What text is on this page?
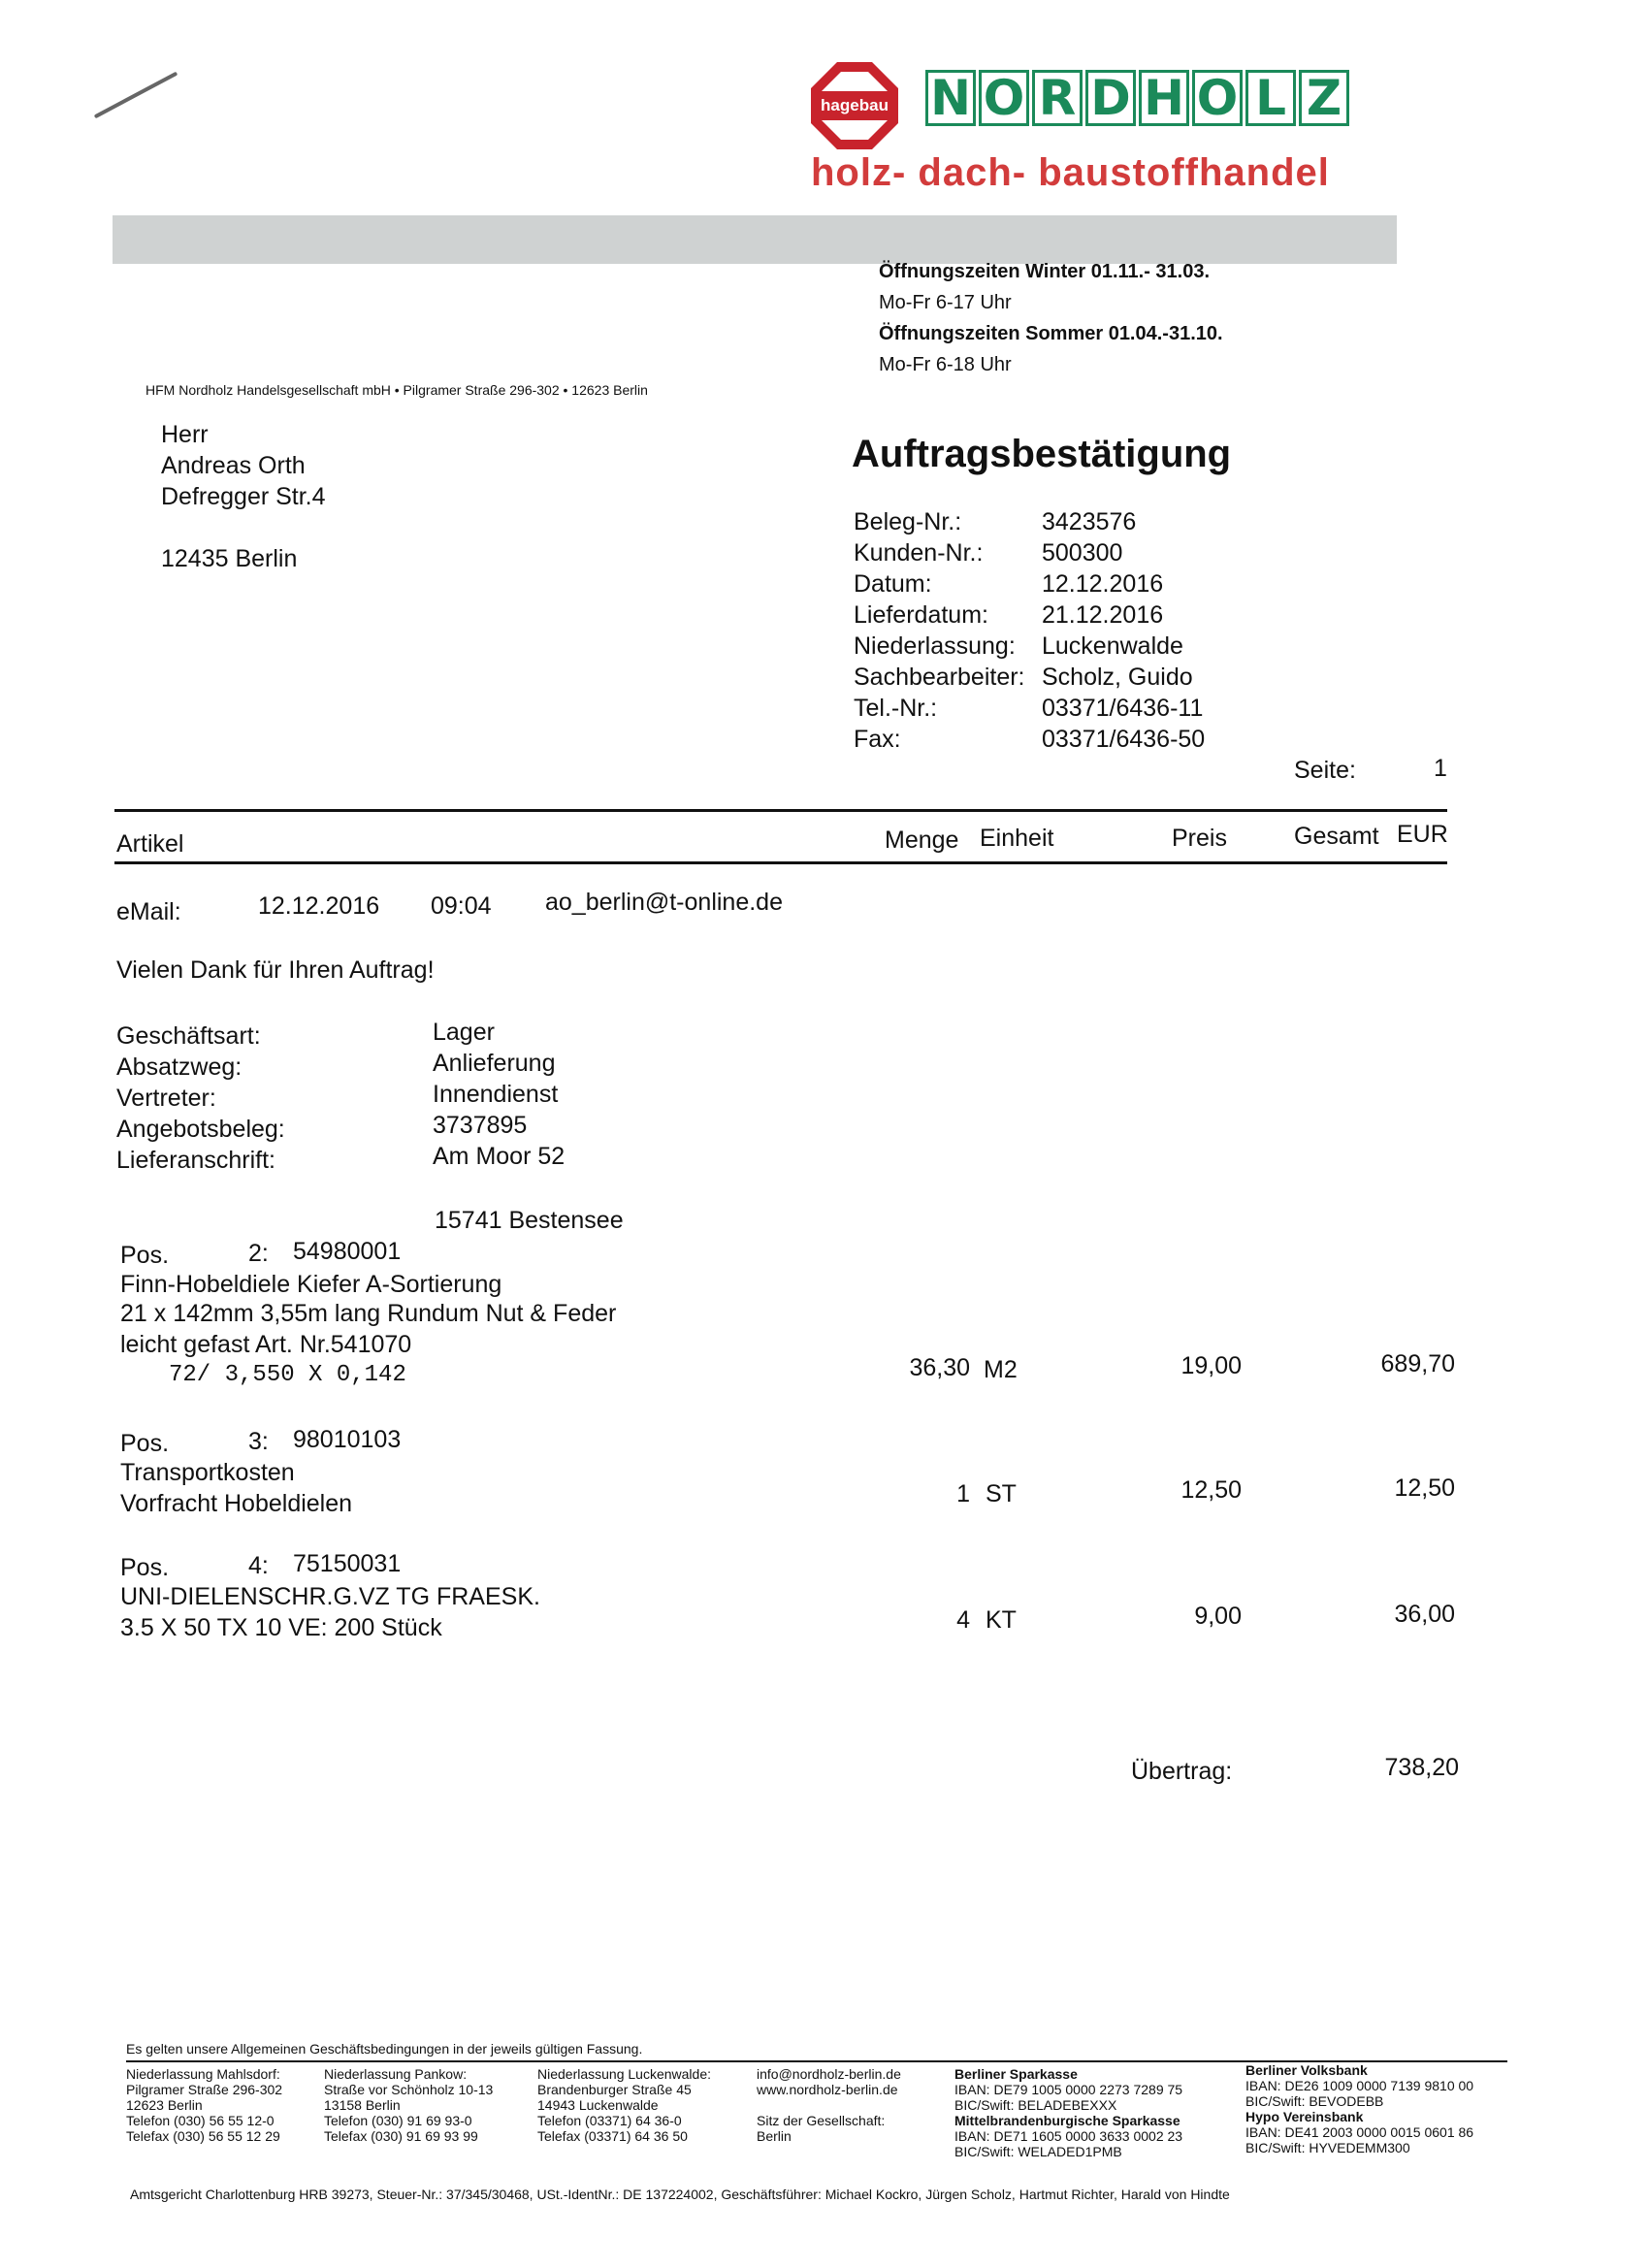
hagebau N O R D H O L Z
holz- dach- baustoffhandel
Öffnungszeiten Winter 01.11.- 31.03.
Mo-Fr 6-17 Uhr
Öffnungszeiten Sommer 01.04.-31.10.
Mo-Fr 6-18 Uhr
HFM Nordholz Handelsgesellschaft mbH • Pilgramer Straße 296-302 • 12623 Berlin
Herr
Andreas Orth
Defregger Str.4
12435 Berlin
Auftragsbestätigung
Beleg-Nr.:	3423576
Kunden-Nr.:	500300
Datum:	12.12.2016
Lieferdatum:	21.12.2016
Niederlassung:	Luckenwalde
Sachbearbeiter: Scholz, Guido
Tel.-Nr.:	03371/6436-11
Fax:	03371/6436-50
Seite:	1
Artikel	Menge Einheit	Preis	Gesamt EUR
eMail:	12.12.2016 09:04 ao_berlin@t-online.de
Vielen Dank für Ihren Auftrag!
Geschäftsart:	Lager
Absatzweg:	Anlieferung
Vertreter:	Innendienst
Angebotsbeleg:	3737895
Lieferanschrift:	Am Moor 52
15741 Bestensee
Pos.	2: 54980001
Finn-Hobeldiele Kiefer A-Sortierung
21 x 142mm 3,55m lang Rundum Nut & Feder
leicht gefast Art. Nr.541070
72/ 3,550 X 0,142	36,30 M2	19,00	689,70
Pos.	3: 98010103
Transportkosten
Vorfracht Hobeldielen	1 ST	12,50	12,50
Pos.	4: 75150031
UNI-DIELENSCHR.G.VZ TG FRAESK.
3.5 X 50 TX 10 VE: 200 Stück	4 KT	9,00	36,00
Übertrag:	738,20
Es gelten unsere Allgemeinen Geschäftsbedingungen in der jeweils gültigen Fassung.
Niederlassung Mahlsdorf:
Pilgramer Straße 296-302
12623 Berlin
Telefon (030) 56 55 12-0
Telefax (030) 56 55 12 29
Niederlassung Pankow:
Straße vor Schönholz 10-13
13158 Berlin
Telefon (030) 91 69 93-0
Telefax (030) 91 69 93 99
Niederlassung Luckenwalde:
Brandenburger Straße 45
14943 Luckenwalde
Telefon (03371) 64 36-0
Telefax (03371) 64 36 50
info@nordholz-berlin.de
www.nordholz-berlin.de
Sitz der Gesellschaft:
Berlin
Berliner Sparkasse
IBAN: DE79 1005 0000 2273 7289 75
BIC/Swift: BELADEBEXXX
Mittelbrandenburgische Sparkasse
IBAN: DE71 1605 0000 3633 0002 23
BIC/Swift: WELADED1PMB
Berliner Volksbank
IBAN: DE26 1009 0000 7139 9810 00
BIC/Swift: BEVODEBB
Hypo Vereinsbank
IBAN: DE41 2003 0000 0015 0601 86
BIC/Swift: HYVEDEMM300
Amtsgericht Charlottenburg HRB 39273, Steuer-Nr.: 37/345/30468, USt.-IdentNr.: DE 137224002, Geschäftsführer: Michael Kockro, Jürgen Scholz, Hartmut Richter, Harald von Hindte
